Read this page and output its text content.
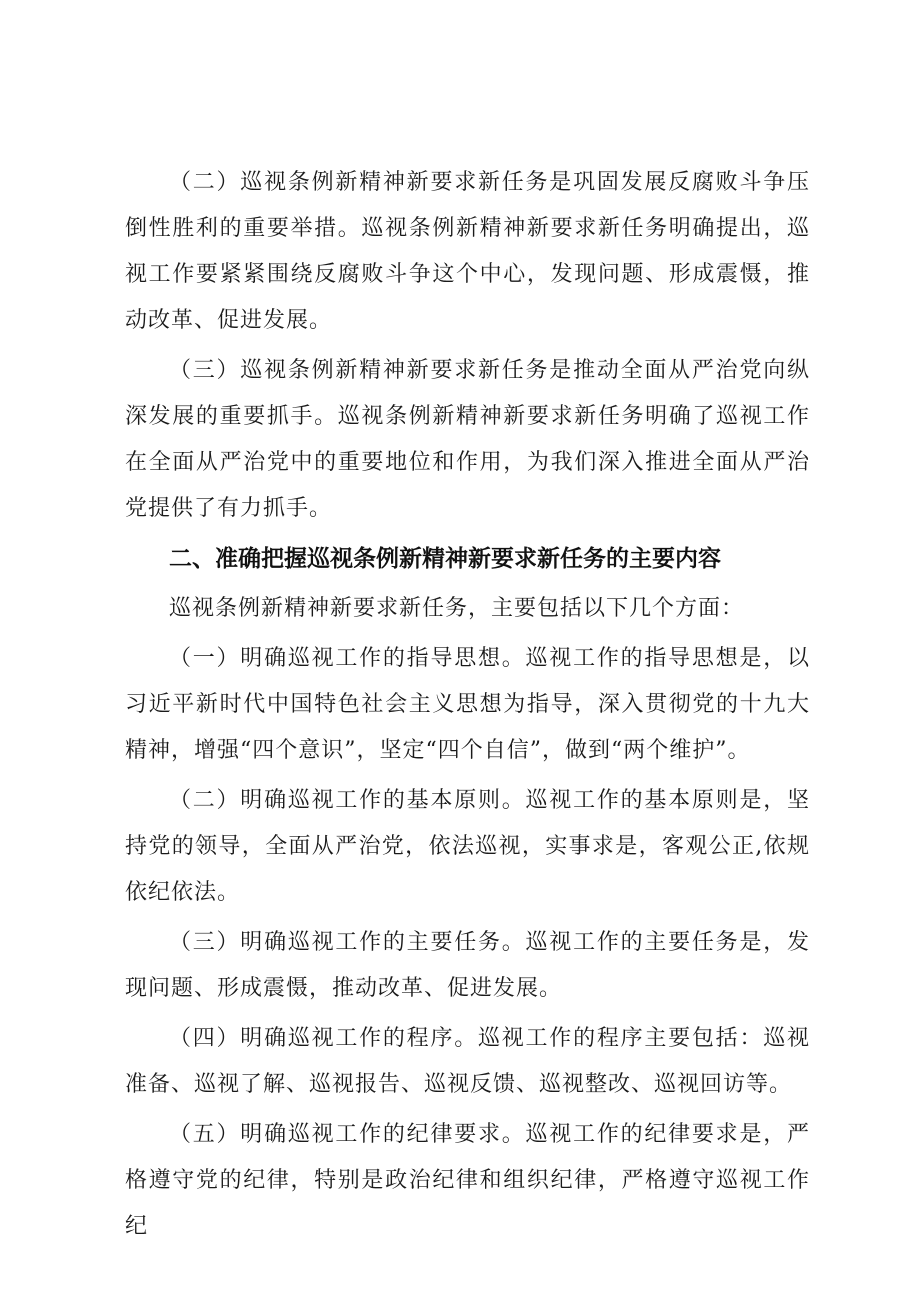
（二）巡视条例新精神新要求新任务是巩固发展反腐败斗争压倒性胜利的重要举措。巡视条例新精神新要求新任务明确提出，巡视工作要紧紧围绕反腐败斗争这个中心，发现问题、形成震慑，推动改革、促进发展。

（三）巡视条例新精神新要求新任务是推动全面从严治党向纵深发展的重要抓手。巡视条例新精神新要求新任务明确了巡视工作在全面从严治党中的重要地位和作用，为我们深入推进全面从严治党提供了有力抓手。

二、准确把握巡视条例新精神新要求新任务的主要内容

巡视条例新精神新要求新任务，主要包括以下几个方面：

（一）明确巡视工作的指导思想。巡视工作的指导思想是，以习近平新时代中国特色社会主义思想为指导，深入贯彻党的十九大精神，增强“四个意识”，坚定“四个自信”，做到“两个维护”。

（二）明确巡视工作的基本原则。巡视工作的基本原则是，坚持党的领导，全面从严治党，依法巡视，实事求是，客观公正,依规依纪依法。

（三）明确巡视工作的主要任务。巡视工作的主要任务是，发现问题、形成震慑，推动改革、促进发展。

（四）明确巡视工作的程序。巡视工作的程序主要包括：巡视准备、巡视了解、巡视报告、巡视反馈、巡视整改、巡视回访等。

（五）明确巡视工作的纪律要求。巡视工作的纪律要求是，严格遵守党的纪律，特别是政治纪律和组织纪律，严格遵守巡视工作纪
